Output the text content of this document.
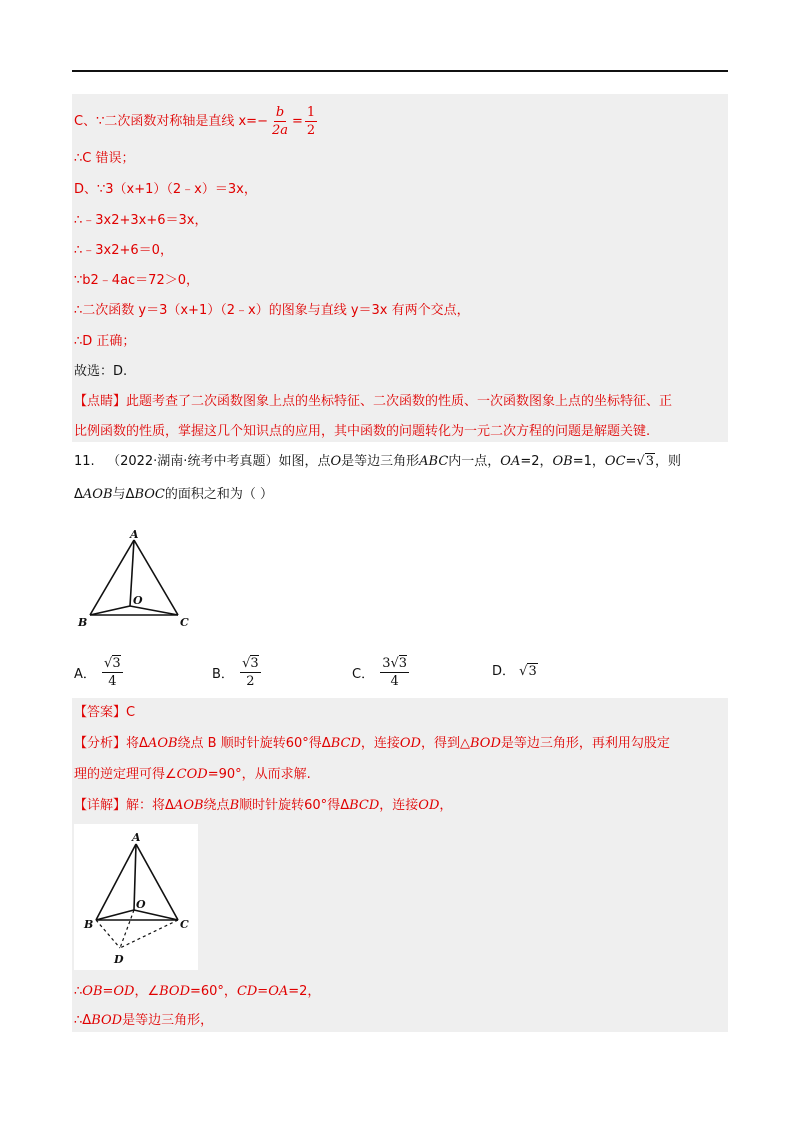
C、∵二次函数对称轴是直线 $x=- \frac{b}{2a} = \frac{1}{2}$
∴C 错误；
D、∵3（x+1）（2﹣x）＝3x，
∴﹣3x2+3x+6＝3x，
∴﹣3x2+6＝0，
∵b2﹣4ac＝72＞0，
∴二次函数 y＝3（x+1）（2﹣x）的图象与直线 y＝3x 有两个交点，
∴D 正确；
故选：D.
【点睛】此题考查了二次函数图象上点的坐标特征、二次函数的性质、一次函数图象上点的坐标特征、正
比例函数的性质，掌握这几个知识点的应用，其中函数的问题转化为一元二次方程的问题是解题关键.
11. （2022·湖南·统考中考真题）如图，点O是等边三角形ABC内一点，OA=2，OB=1，OC=√3，则
ΔAOB与ΔBOC的面积之和为（ ）
A
B	C
O
A． $\frac{√3}{4}$	B． $\frac{√3}{2}$	C． $\frac{3√3}{4}$	D． √3
【答案】C
【分析】将ΔAOB绕点 B 顺时针旋转60°得ΔBCD，连接OD，得到△BOD是等边三角形，再利用勾股定
理的逆定理可得∠COD=90°，从而求解.
【详解】解：将ΔAOB绕点B顺时针旋转60°得ΔBCD，连接OD，
A
B	C
O
D
∴OB=OD，∠BOD=60°，CD=OA=2，
∴ΔBOD是等边三角形，
